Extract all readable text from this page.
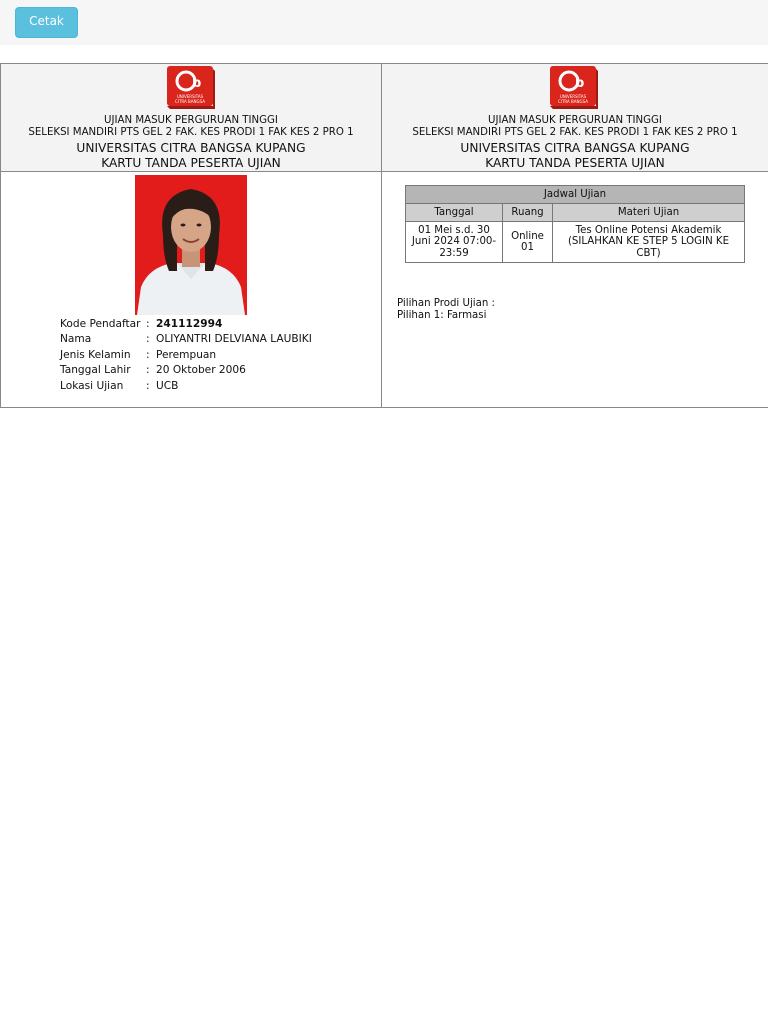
Cetak
b
UNIVERSITAS
CITRA BANGSA
UJIAN MASUK PERGURUAN TINGGI
SELEKSI MANDIRI PTS GEL 2 FAK. KES PRODI 1 FAK KES 2 PRO 1
UNIVERSITAS CITRA BANGSA KUPANG
KARTU TANDA PESERTA UJIAN
b
UNIVERSITAS
CITRA BANGSA
UJIAN MASUK PERGURUAN TINGGI
SELEKSI MANDIRI PTS GEL 2 FAK. KES PRODI 1 FAK KES 2 PRO 1
UNIVERSITAS CITRA BANGSA KUPANG
KARTU TANDA PESERTA UJIAN
Kode Pendaftar : 241112994
Nama	: OLIYANTRI DELVIANA LAUBIKI
Jenis Kelamin	: Perempuan
Tanggal Lahir	: 20 Oktober 2006
Lokasi Ujian	: UCB
Jadwal Ujian		
Tanggal	Ruang	Materi Ujian
01 Mei s.d. 30 Juni 2024 07:00-23:59	Online 01	Tes Online Potensi Akademik (SILAHKAN KE STEP 5 LOGIN KE CBT)
Pilihan Prodi Ujian :
Pilihan 1: Farmasi
